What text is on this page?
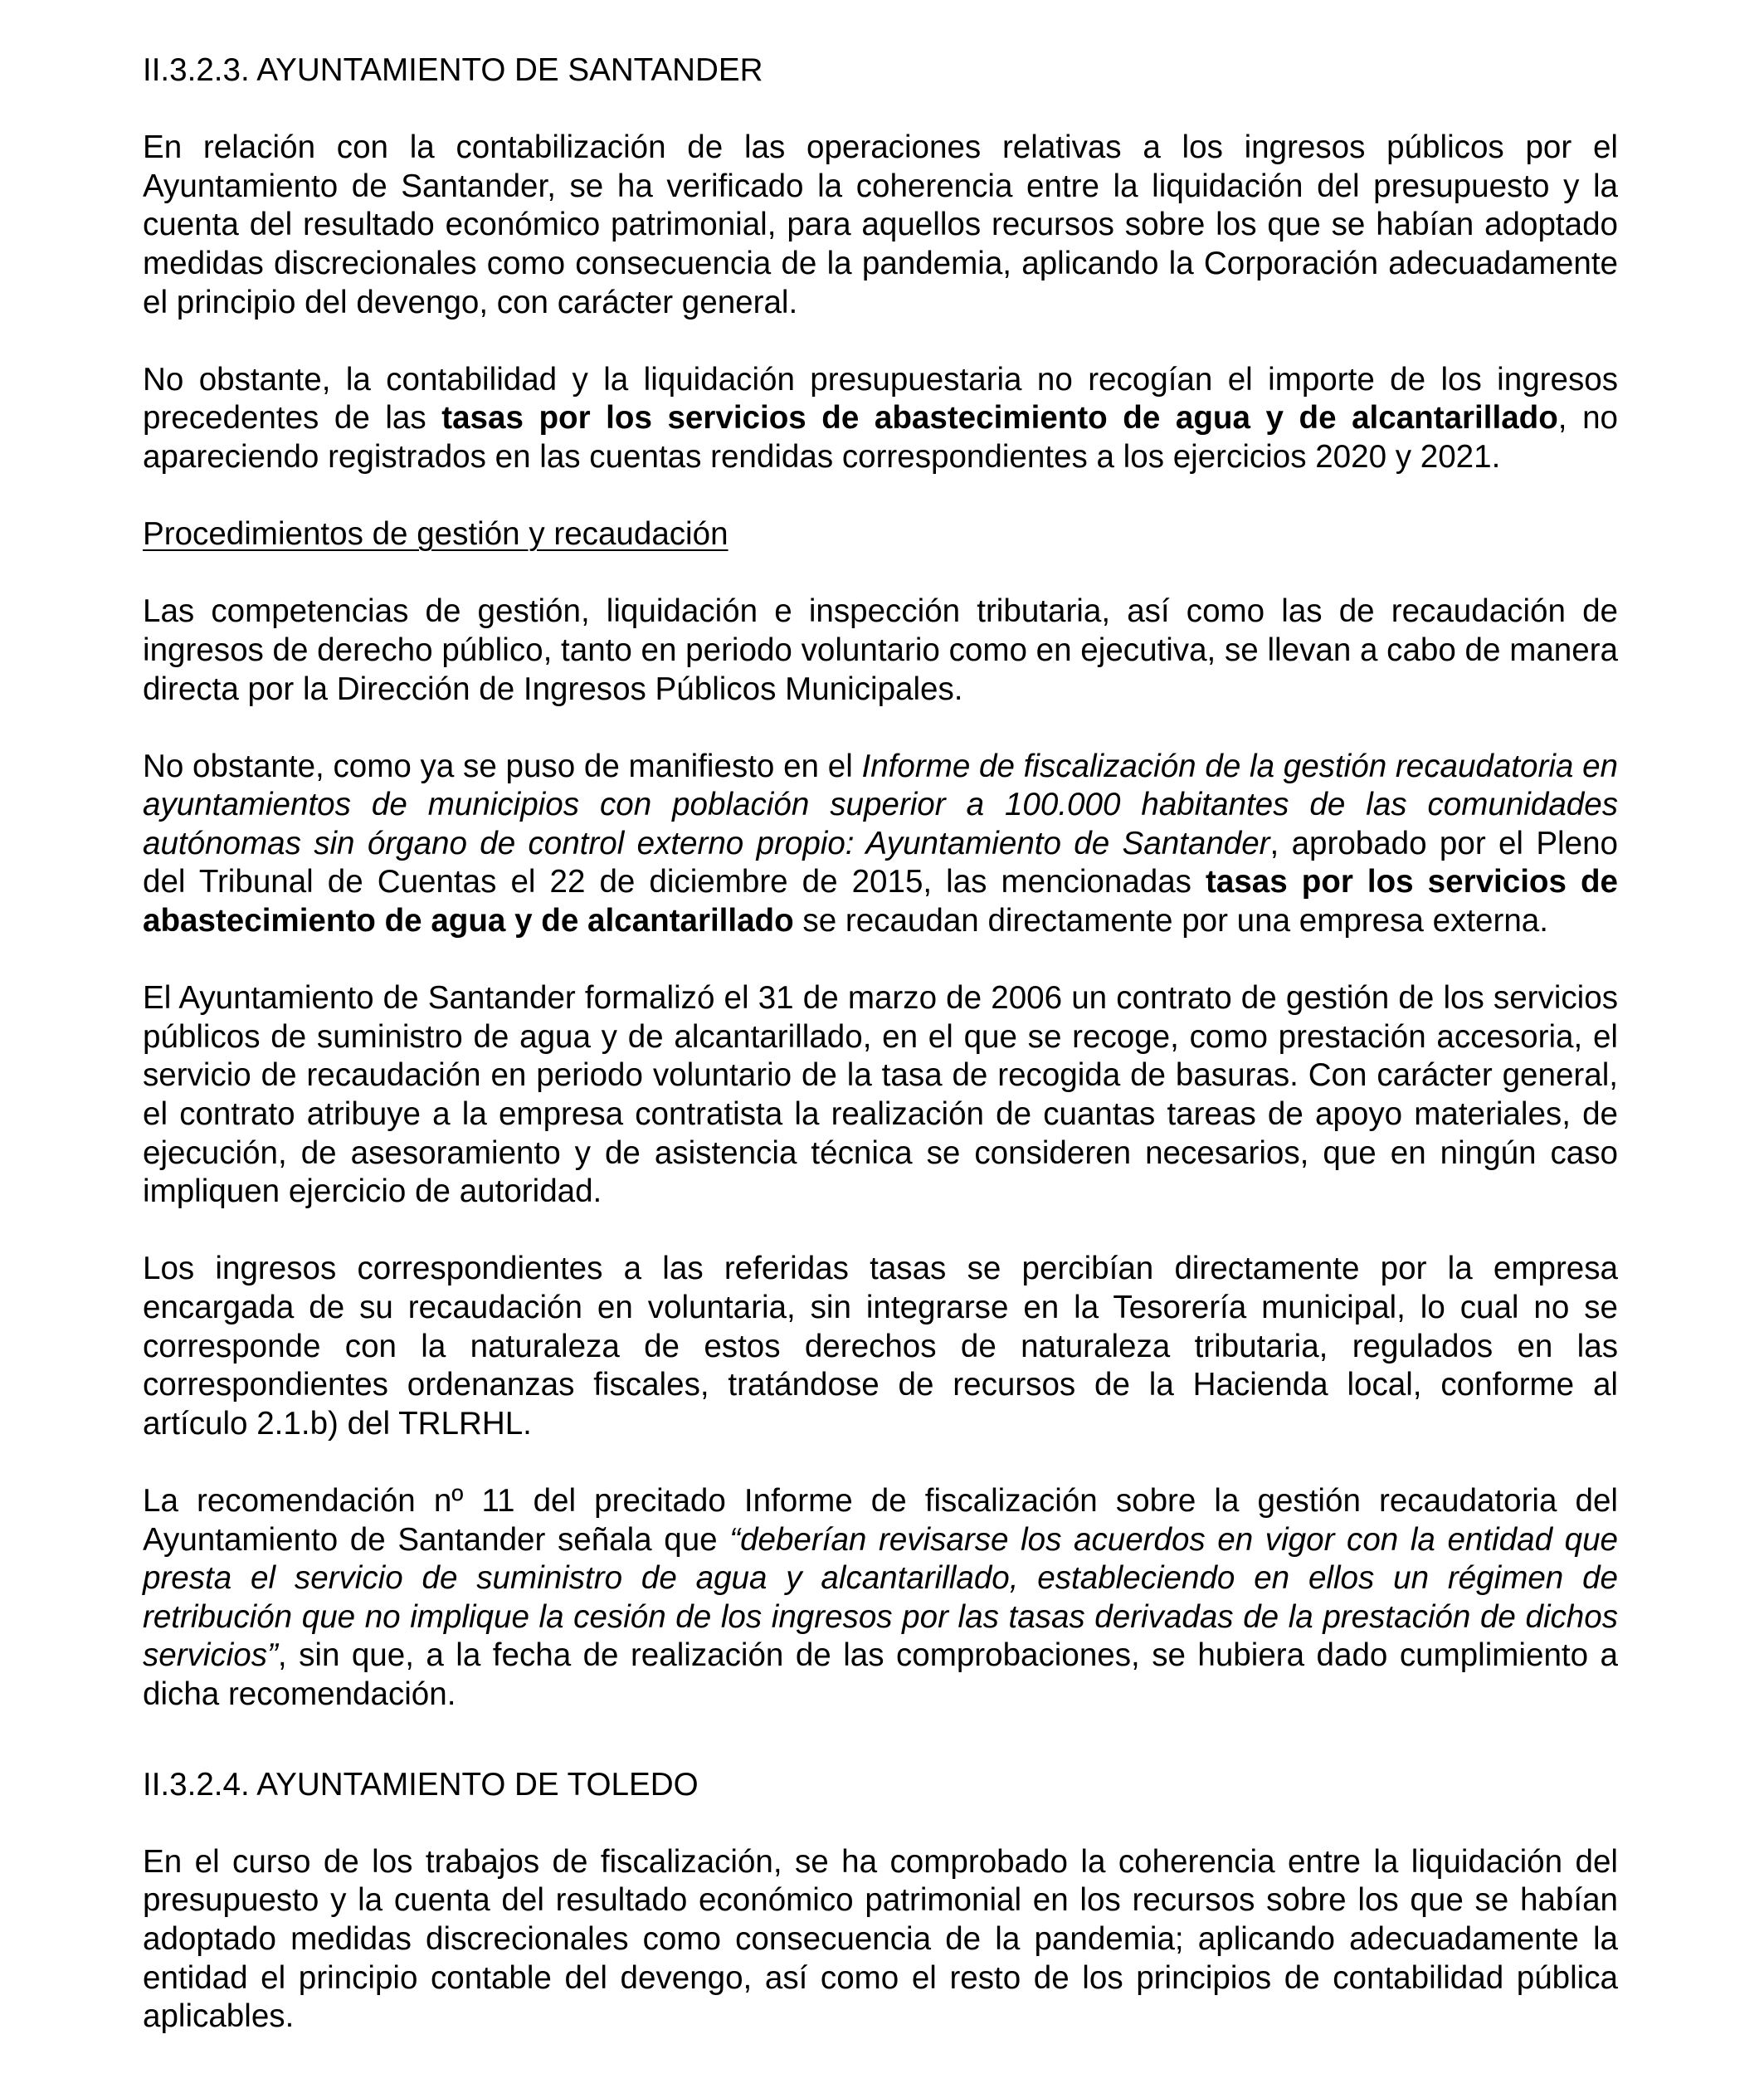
II.3.2.3. AYUNTAMIENTO DE SANTANDER

En relación con la contabilización de las operaciones relativas a los ingresos públicos por el Ayuntamiento de Santander, se ha verificado la coherencia entre la liquidación del presupuesto y la cuenta del resultado económico patrimonial, para aquellos recursos sobre los que se habían adoptado medidas discrecionales como consecuencia de la pandemia, aplicando la Corporación adecuadamente el principio del devengo, con carácter general.

No obstante, la contabilidad y la liquidación presupuestaria no recogían el importe de los ingresos precedentes de las tasas por los servicios de abastecimiento de agua y de alcantarillado, no apareciendo registrados en las cuentas rendidas correspondientes a los ejercicios 2020 y 2021.

Procedimientos de gestión y recaudación

Las competencias de gestión, liquidación e inspección tributaria, así como las de recaudación de ingresos de derecho público, tanto en periodo voluntario como en ejecutiva, se llevan a cabo de manera directa por la Dirección de Ingresos Públicos Municipales.

No obstante, como ya se puso de manifiesto en el Informe de fiscalización de la gestión recaudatoria en ayuntamientos de municipios con población superior a 100.000 habitantes de las comunidades autónomas sin órgano de control externo propio: Ayuntamiento de Santander, aprobado por el Pleno del Tribunal de Cuentas el 22 de diciembre de 2015, las mencionadas tasas por los servicios de abastecimiento de agua y de alcantarillado se recaudan directamente por una empresa externa.

El Ayuntamiento de Santander formalizó el 31 de marzo de 2006 un contrato de gestión de los servicios públicos de suministro de agua y de alcantarillado, en el que se recoge, como prestación accesoria, el servicio de recaudación en periodo voluntario de la tasa de recogida de basuras. Con carácter general, el contrato atribuye a la empresa contratista la realización de cuantas tareas de apoyo materiales, de ejecución, de asesoramiento y de asistencia técnica se consideren necesarios, que en ningún caso impliquen ejercicio de autoridad.

Los ingresos correspondientes a las referidas tasas se percibían directamente por la empresa encargada de su recaudación en voluntaria, sin integrarse en la Tesorería municipal, lo cual no se corresponde con la naturaleza de estos derechos de naturaleza tributaria, regulados en las correspondientes ordenanzas fiscales, tratándose de recursos de la Hacienda local, conforme al artículo 2.1.b) del TRLRHL.

La recomendación nº 11 del precitado Informe de fiscalización sobre la gestión recaudatoria del Ayuntamiento de Santander señala que “deberían revisarse los acuerdos en vigor con la entidad que presta el servicio de suministro de agua y alcantarillado, estableciendo en ellos un régimen de retribución que no implique la cesión de los ingresos por las tasas derivadas de la prestación de dichos servicios”, sin que, a la fecha de realización de las comprobaciones, se hubiera dado cumplimiento a dicha recomendación.

II.3.2.4. AYUNTAMIENTO DE TOLEDO

En el curso de los trabajos de fiscalización, se ha comprobado la coherencia entre la liquidación del presupuesto y la cuenta del resultado económico patrimonial en los recursos sobre los que se habían adoptado medidas discrecionales como consecuencia de la pandemia; aplicando adecuadamente la entidad el principio contable del devengo, así como el resto de los principios de contabilidad pública aplicables.
